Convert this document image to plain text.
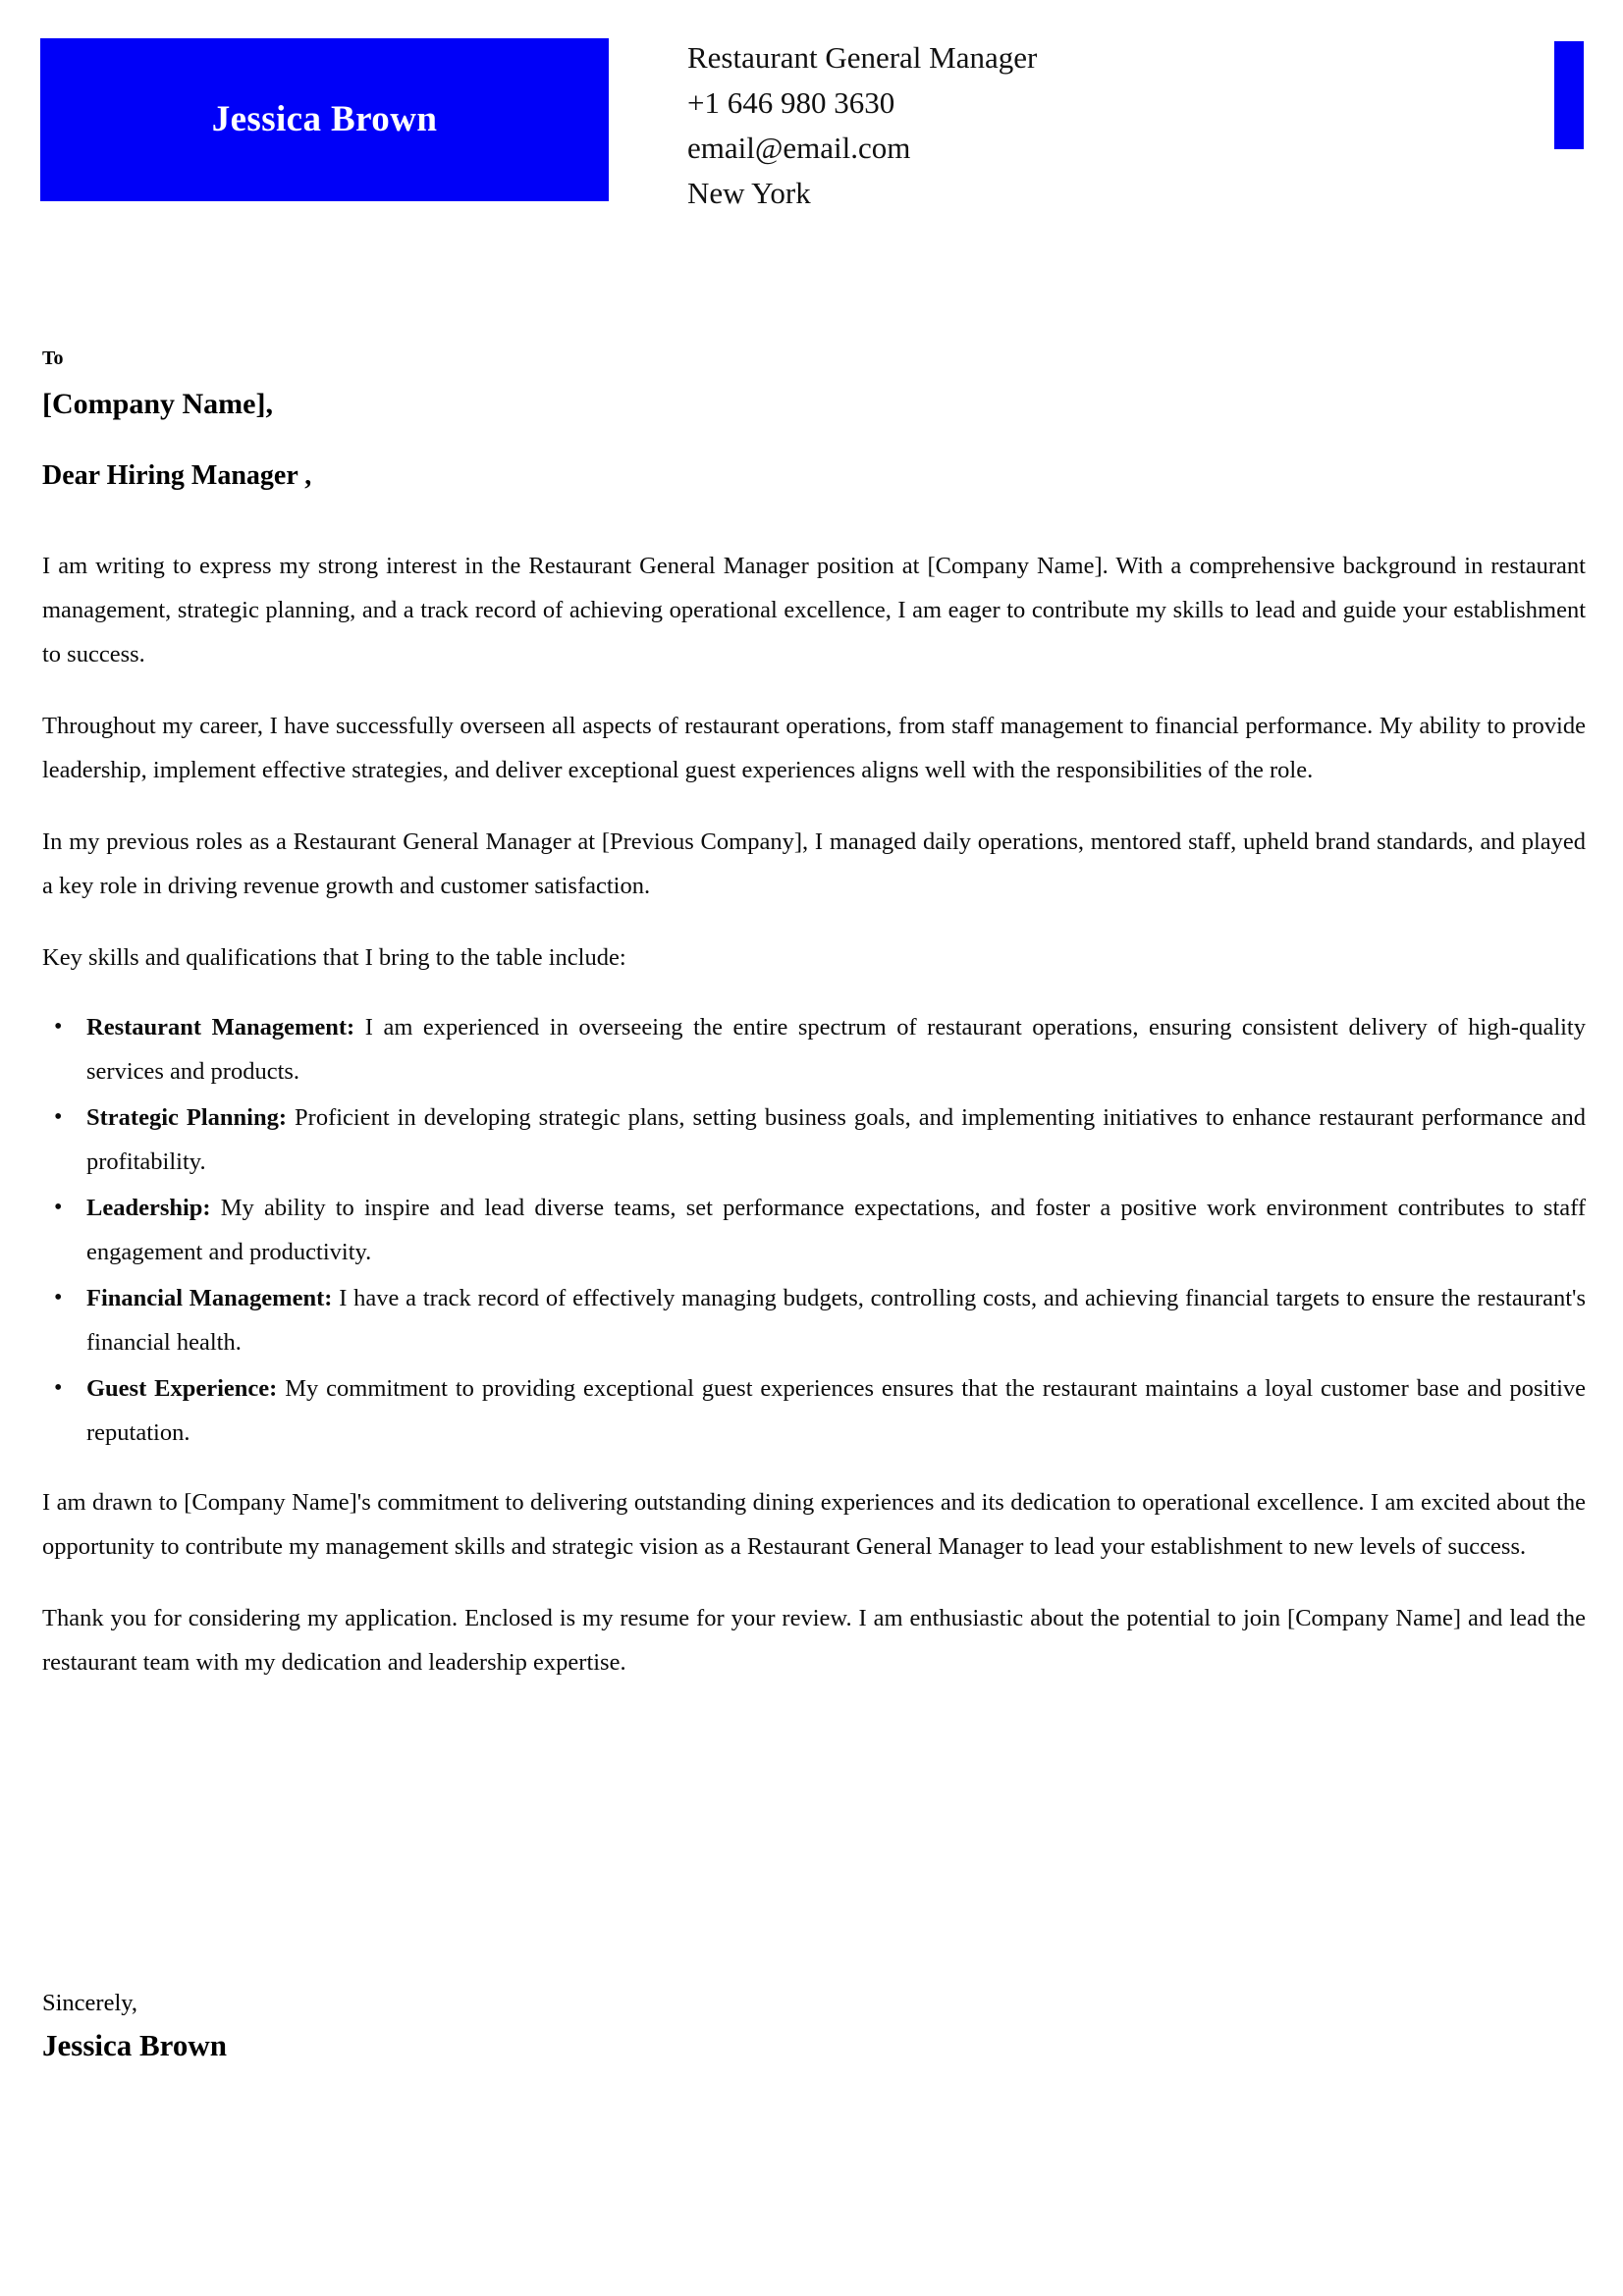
Jessica Brown
Restaurant General Manager
+1 646 980 3630
email@email.com
New York
To
[Company Name],
Dear Hiring Manager ,

I am writing to express my strong interest in the Restaurant General Manager position at [Company Name]. With a comprehensive background in restaurant management, strategic planning, and a track record of achieving operational excellence, I am eager to contribute my skills to lead and guide your establishment to success.

Throughout my career, I have successfully overseen all aspects of restaurant operations, from staff management to financial performance. My ability to provide leadership, implement effective strategies, and deliver exceptional guest experiences aligns well with the responsibilities of the role.

In my previous roles as a Restaurant General Manager at [Previous Company], I managed daily operations, mentored staff, upheld brand standards, and played a key role in driving revenue growth and customer satisfaction.

Key skills and qualifications that I bring to the table include:

• Restaurant Management: I am experienced in overseeing the entire spectrum of restaurant operations, ensuring consistent delivery of high-quality services and products.
• Strategic Planning: Proficient in developing strategic plans, setting business goals, and implementing initiatives to enhance restaurant performance and profitability.
• Leadership: My ability to inspire and lead diverse teams, set performance expectations, and foster a positive work environment contributes to staff engagement and productivity.
• Financial Management: I have a track record of effectively managing budgets, controlling costs, and achieving financial targets to ensure the restaurant's financial health.
• Guest Experience: My commitment to providing exceptional guest experiences ensures that the restaurant maintains a loyal customer base and positive reputation.

I am drawn to [Company Name]'s commitment to delivering outstanding dining experiences and its dedication to operational excellence. I am excited about the opportunity to contribute my management skills and strategic vision as a Restaurant General Manager to lead your establishment to new levels of success.

Thank you for considering my application. Enclosed is my resume for your review. I am enthusiastic about the potential to join [Company Name] and lead the restaurant team with my dedication and leadership expertise.

Sincerely,
Jessica Brown
